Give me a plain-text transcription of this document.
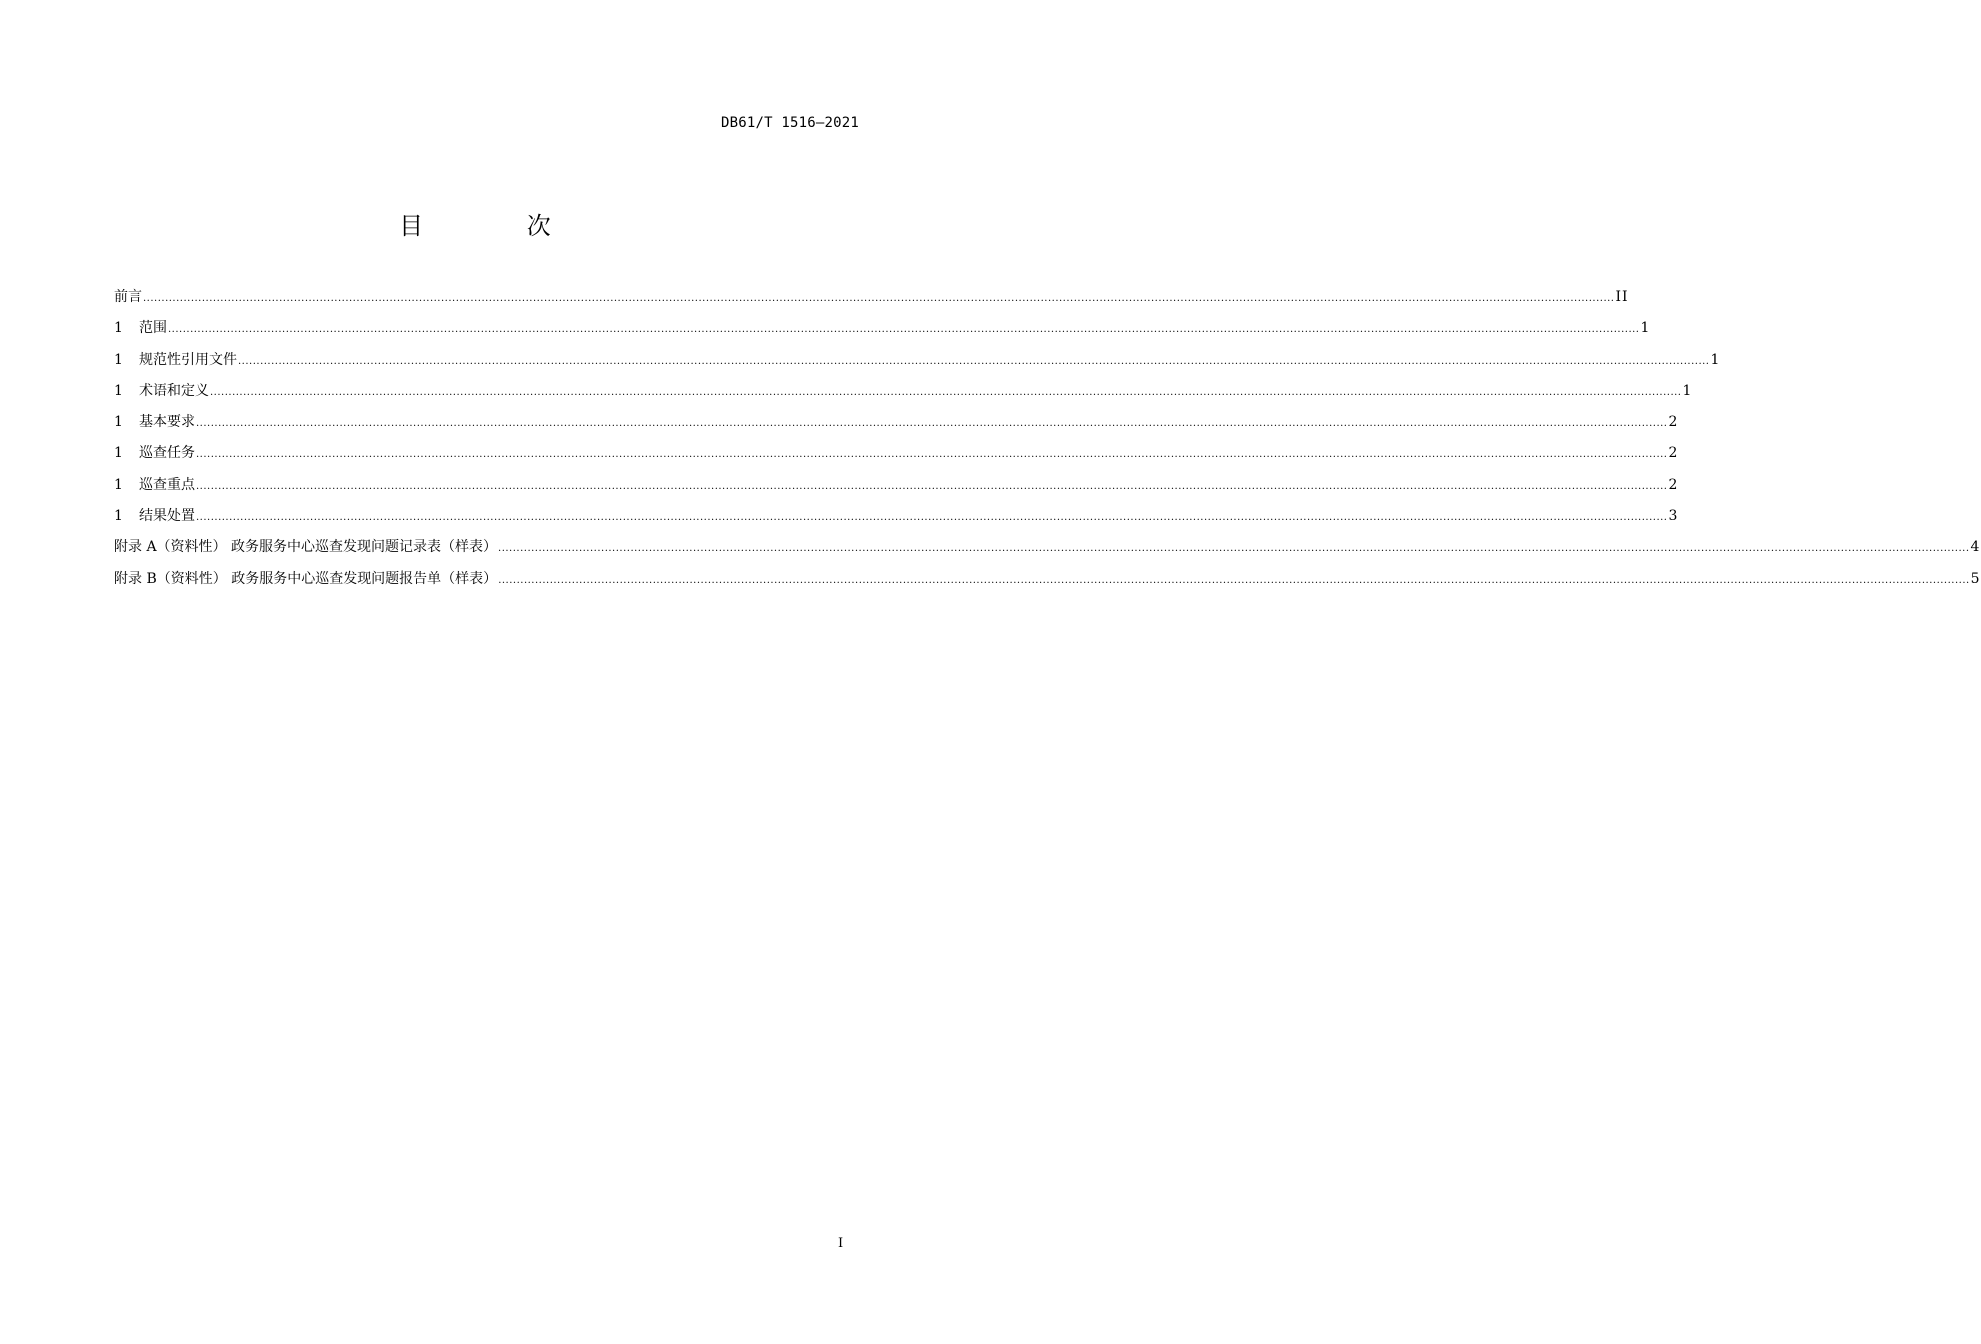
DB61/T 1516—2021
目 次
前言 ................................................................................................................................................................................................................................................................................................................................................................................................................ II
1	范围 ................................................................................................................................................................................................................................................................................................................................................................................................................ 1
1	规范性引用文件 ................................................................................................................................................................................................................................................................................................................................................................................................................ 1
1	术语和定义 ................................................................................................................................................................................................................................................................................................................................................................................................................ 1
1	基本要求 ................................................................................................................................................................................................................................................................................................................................................................................................................ 2
1	巡查任务 ................................................................................................................................................................................................................................................................................................................................................................................................................ 2
1	巡查重点 ................................................................................................................................................................................................................................................................................................................................................................................................................ 2
1	结果处置 ................................................................................................................................................................................................................................................................................................................................................................................................................ 3
附录 A（资料性） 政务服务中心巡查发现问题记录表（样表） ................................................................................................................................................................................................................................................................................................................................................................................................................ 4
附录 B（资料性） 政务服务中心巡查发现问题报告单（样表） ................................................................................................................................................................................................................................................................................................................................................................................................................ 5
I
